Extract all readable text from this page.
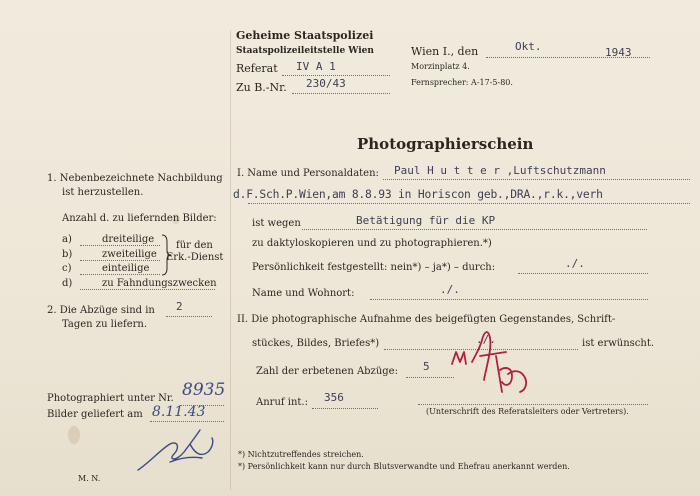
Geheime Staatspolizei
Staatspolizeileitstelle Wien
Referat IV A 1
Zu B.-Nr. 230/43
Wien I., den	Okt.	1943
Morzinplatz 4.
Fernsprecher: A-17-5-80.
Photographierschein
1. Nebenbezeichnete Nachbildung
ist herzustellen.
Anzahl d. zu liefernden Bilder:
a)	dreiteilige
b)	zweiteilige
c)	einteilige
d)	zu Fahndungszwecken
für den
Erk.-Dienst
2. Die Abzüge sind in 2
Tagen zu liefern.
Photographiert unter Nr. 8935
Bilder geliefert am 8.11.43
M. N.
I. Name und Personaldaten: Paul H u t t e r ,Luftschutzmann
d.F.Sch.P.Wien,am 8.8.93 in Horiscon geb.,DRA.,r.k.,verh
ist wegen	Betätigung für die KP
zu daktyloskopieren und zu photographieren.*)
Persönlichkeit festgestellt: nein*) – ja*) – durch:	./.
Name und Wohnort:	./.
II. Die photographische Aufnahme des beigefügten Gegenstandes, Schrift-
stückes, Bildes, Briefes*)	./.	ist erwünscht.
Zahl der erbetenen Abzüge: 5
Anruf int.: 356
(Unterschrift des Referatsleiters oder Vertreters).
*) Nichtzutreffendes streichen.
*) Persönlichkeit kann nur durch Blutsverwandte und Ehefrau anerkannt werden.
